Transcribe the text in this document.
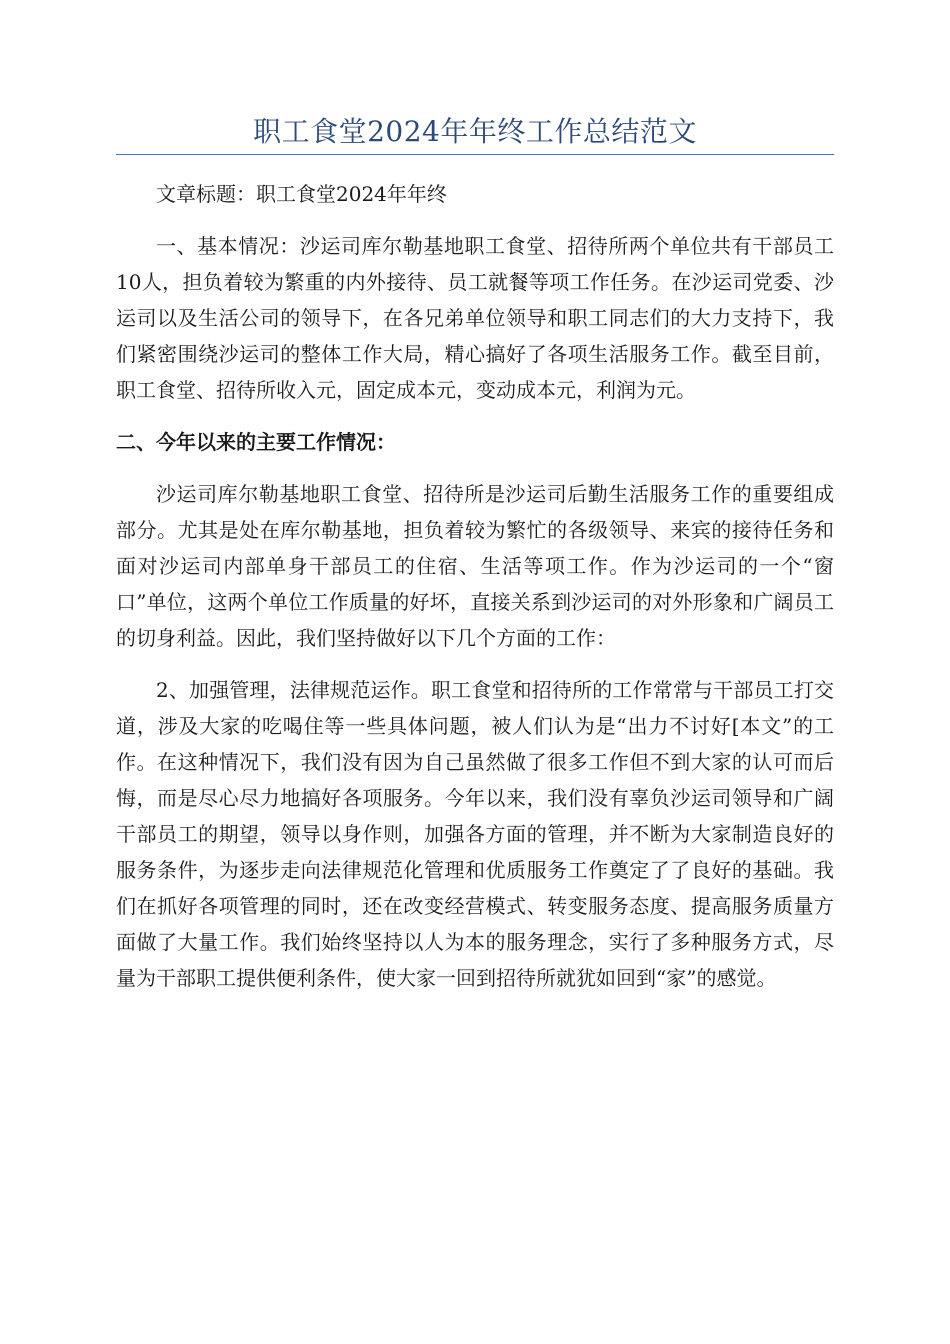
职工食堂2024年年终工作总结范文

文章标题：职工食堂2024年年终

一、基本情况：沙运司库尔勒基地职工食堂、招待所两个单位共有干部员工10人，担负着较为繁重的内外接待、员工就餐等项工作任务。在沙运司党委、沙运司以及生活公司的领导下，在各兄弟单位领导和职工同志们的大力支持下，我们紧密围绕沙运司的整体工作大局，精心搞好了各项生活服务工作。截至目前，职工食堂、招待所收入元，固定成本元，变动成本元，利润为元。

二、今年以来的主要工作情况：

沙运司库尔勒基地职工食堂、招待所是沙运司后勤生活服务工作的重要组成部分。尤其是处在库尔勒基地，担负着较为繁忙的各级领导、来宾的接待任务和面对沙运司内部单身干部员工的住宿、生活等项工作。作为沙运司的一个“窗口”单位，这两个单位工作质量的好坏，直接关系到沙运司的对外形象和广阔员工的切身利益。因此，我们坚持做好以下几个方面的工作：

2、加强管理，法律规范运作。职工食堂和招待所的工作常常与干部员工打交道，涉及大家的吃喝住等一些具体问题，被人们认为是“出力不讨好[本文”的工作。在这种情况下，我们没有因为自己虽然做了很多工作但不到大家的认可而后悔，而是尽心尽力地搞好各项服务。今年以来，我们没有辜负沙运司领导和广阔干部员工的期望，领导以身作则，加强各方面的管理，并不断为大家制造良好的服务条件，为逐步走向法律规范化管理和优质服务工作奠定了了良好的基础。我们在抓好各项管理的同时，还在改变经营模式、转变服务态度、提高服务质量方面做了大量工作。我们始终坚持以人为本的服务理念，实行了多种服务方式，尽量为干部职工提供便利条件，使大家一回到招待所就犹如回到“家”的感觉。
